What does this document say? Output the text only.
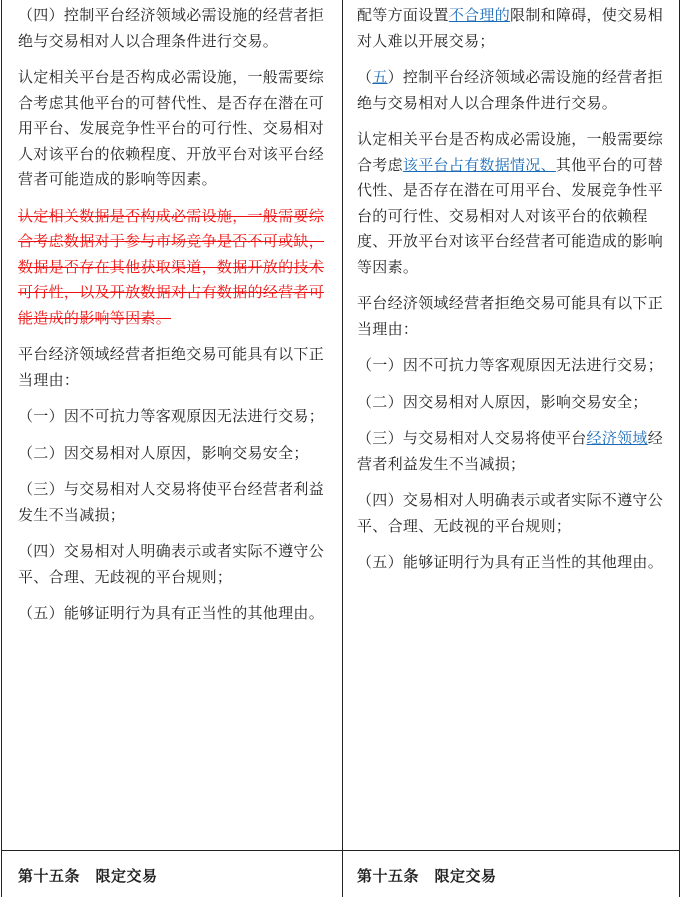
（四）控制平台经济领域必需设施的经营者拒绝与交易相对人以合理条件进行交易。

认定相关平台是否构成必需设施，一般需要综合考虑其他平台的可替代性、是否存在潜在可用平台、发展竞争性平台的可行性、交易相对人对该平台的依赖程度、开放平台对该平台经营者可能造成的影响等因素。

认定相关数据是否构成必需设施，一般需要综合考虑数据对于参与市场竞争是否不可或缺，数据是否存在其他获取渠道，数据开放的技术可行性，以及开放数据对占有数据的经营者可能造成的影响等因素。

平台经济领域经营者拒绝交易可能具有以下正当理由：

（一）因不可抗力等客观原因无法进行交易；

（二）因交易相对人原因，影响交易安全；

（三）与交易相对人交易将使平台经营者利益发生不当减损；

（四）交易相对人明确表示或者实际不遵守公平、合理、无歧视的平台规则；

（五）能够证明行为具有正当性的其他理由。

配等方面设置不合理的限制和障碍，使交易相对人难以开展交易；

（五）控制平台经济领域必需设施的经营者拒绝与交易相对人以合理条件进行交易。

认定相关平台是否构成必需设施，一般需要综合考虑该平台占有数据情况、其他平台的可替代性、是否存在潜在可用平台、发展竞争性平台的可行性、交易相对人对该平台的依赖程度、开放平台对该平台经营者可能造成的影响等因素。

平台经济领域经营者拒绝交易可能具有以下正当理由：

（一）因不可抗力等客观原因无法进行交易；

（二）因交易相对人原因，影响交易安全；

（三）与交易相对人交易将使平台经济领域经营者利益发生不当减损；

（四）交易相对人明确表示或者实际不遵守公平、合理、无歧视的平台规则；

（五）能够证明行为具有正当性的其他理由。

第十五条　限定交易	第十五条　限定交易
